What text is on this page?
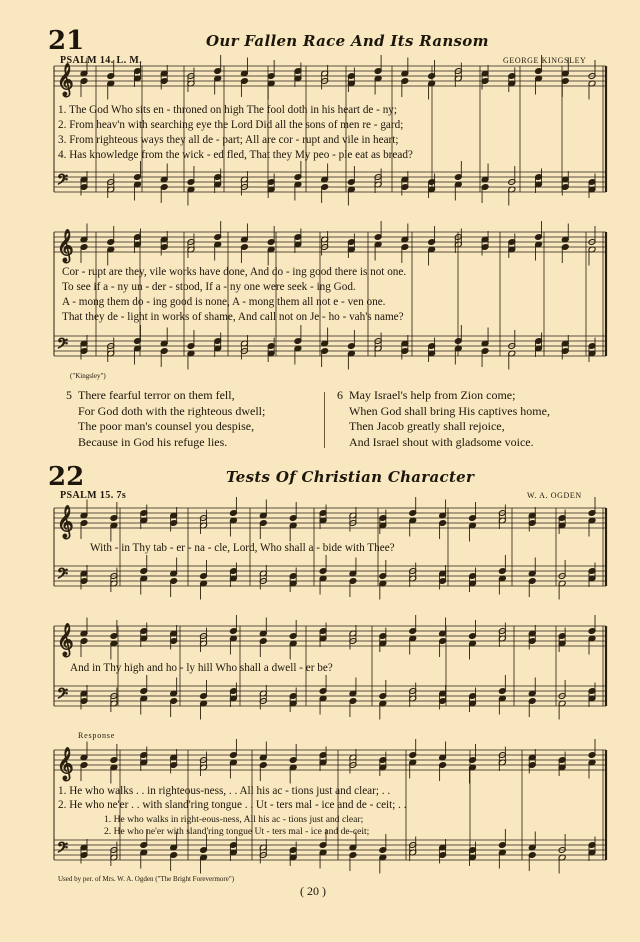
21	Our Fallen Race And Its Ransom
PSALM 14. L. M.	GEORGE KINGSLEY
𝄞
𝄢
𝄞
𝄢
𝄞
𝄢
𝄞
𝄢
𝄞
𝄢
1. The God Who sits en - throned on high The fool doth in his heart de - ny;
2. From heav'n with searching eye the Lord Did all the sons of men re - gard;
3. From righteous ways they all de - part; All are cor - rupt and vile in heart;
4. Has knowledge from the wick - ed fled, That they My peo - ple eat as bread?
Cor - rupt are they, vile works have done, And do - ing good there is not one.
To see if a - ny un - der - stood, If a - ny one were seek - ing God.
A - mong them do - ing good is none, A - mong them all not e - ven one.
That they de - light in works of shame, And call not on Je - ho - vah's name?
("Kingsley")
5 There fearful terror on them fell,
For God doth with the righteous dwell;
The poor man's counsel you despise,
Because in God his refuge lies.
6 May Israel's help from Zion come;
When God shall bring His captives home,
Then Jacob greatly shall rejoice,
And Israel shout with gladsome voice.
22	Tests Of Christian Character
PSALM 15. 7s	W. A. OGDEN
With - in Thy tab - er - na - cle, Lord, Who shall a - bide with Thee?
And in Thy high and ho - ly hill Who shall a dwell - er be?
Response
1. He who walks . . in righteous-ness, . . All his ac - tions just and clear; . .
2. He who ne'er . . with sland'ring tongue . . Ut - ters mal - ice and de - ceit; . .
1. He who walks in right-eous-ness, All his ac - tions just and clear;
2. He who ne'er with sland'ring tongue Ut - ters mal - ice and de-ceit;
Used by per. of Mrs. W. A. Ogden ("The Bright Forevermore")
( 20 )
